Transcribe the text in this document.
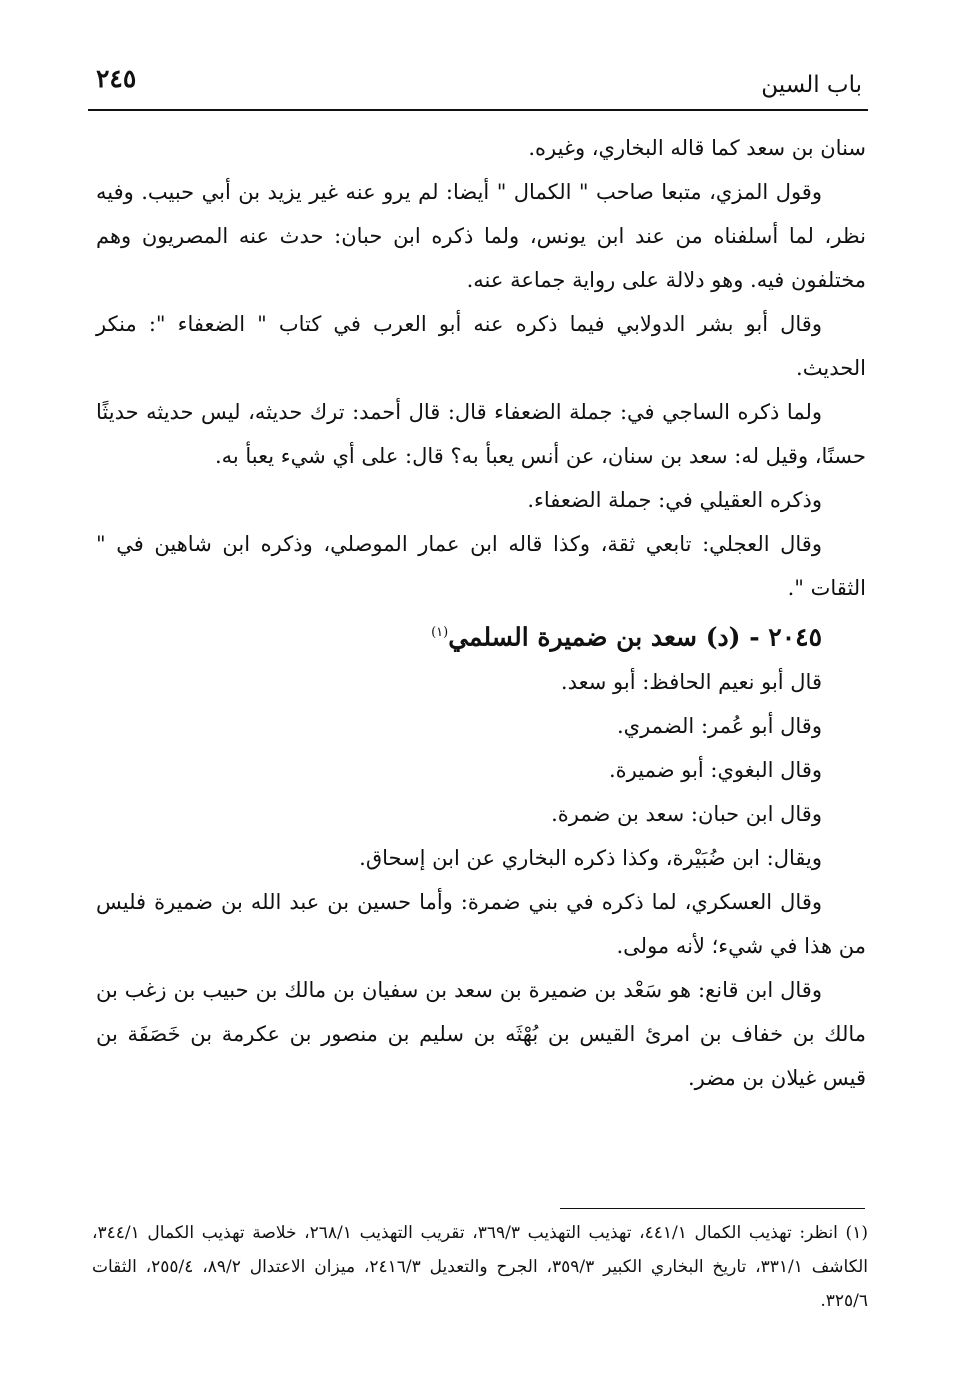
٢٤٥	باب السين

سنان بن سعد كما قاله البخاري، وغيره.

وقول المزي، متبعا صاحب " الكمال " أيضا: لم يرو عنه غير يزيد بن أبي حبيب. وفيه نظر، لما أسلفناه من عند ابن يونس، ولما ذكره ابن حبان: حدث عنه المصريون وهم مختلفون فيه. وهو دلالة على رواية جماعة عنه.

وقال أبو بشر الدولابي فيما ذكره عنه أبو العرب في كتاب " الضعفاء ": منكر الحديث.

ولما ذكره الساجي في: جملة الضعفاء قال: قال أحمد: ترك حديثه، ليس حديثه حديثًا حسنًا، وقيل له: سعد بن سنان، عن أنس يعبأ به؟ قال: على أي شيء يعبأ به.

وذكره العقيلي في: جملة الضعفاء.

وقال العجلي: تابعي ثقة، وكذا قاله ابن عمار الموصلي، وذكره ابن شاهين في " الثقات ".

٢٠٤٥ - (د) سعد بن ضميرة السلمي$^{(١)}$

قال أبو نعيم الحافظ: أبو سعد.

وقال أبو عُمر: الضمري.

وقال البغوي: أبو ضميرة.

وقال ابن حبان: سعد بن ضمرة.

ويقال: ابن ضُبَيْرة، وكذا ذكره البخاري عن ابن إسحاق.

وقال العسكري، لما ذكره في بني ضمرة: وأما حسين بن عبد الله بن ضميرة فليس من هذا في شيء؛ لأنه مولى.

وقال ابن قانع: هو سَعْد بن ضميرة بن سعد بن سفيان بن مالك بن حبيب بن زغب بن مالك بن خفاف بن امرئ القيس بن بُهْثَه بن سليم بن منصور بن عكرمة بن خَصَفَة بن قيس غيلان بن مضر.

(١) انظر: تهذيب الكمال ٤٤١/١، تهذيب التهذيب ٣٦٩/٣، تقريب التهذيب ٢٦٨/١، خلاصة تهذيب الكمال ٣٤٤/١، الكاشف ٣٣١/١، تاريخ البخاري الكبير ٣٥٩/٣، الجرح والتعديل ٢٤١٦/٣، ميزان الاعتدال ٨٩/٢، ٢٥٥/٤، الثقات ٣٢٥/٦.
